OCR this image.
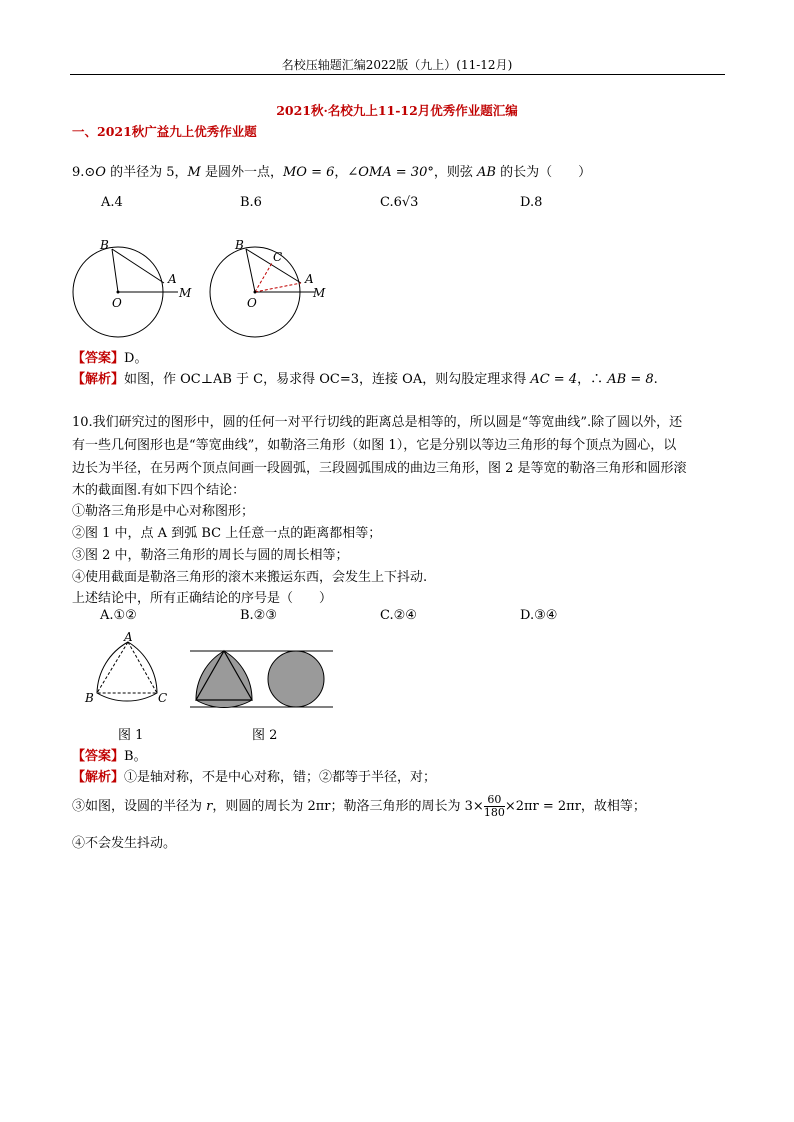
名校压轴题汇编2022版（九上）(11-12月)
2021秋·名校九上11-12月优秀作业题汇编
一、2021秋广益九上优秀作业题
9.⊙O 的半径为 5，M 是圆外一点，MO = 6，∠OMA = 30°，则弦 AB 的长为（　　）
A.4	B.6	C.6√3	D.8
B
A
O
M
B
C
A
O
M
【答案】D。
【解析】如图，作 OC⊥AB 于 C，易求得 OC=3，连接 OA，则勾股定理求得 AC = 4，∴ AB = 8.
10.我们研究过的图形中，圆的任何一对平行切线的距离总是相等的，所以圆是“等宽曲线”.除了圆以外，还
有一些几何图形也是“等宽曲线”，如勒洛三角形（如图 1），它是分别以等边三角形的每个顶点为圆心，以
边长为半径，在另两个顶点间画一段圆弧，三段圆弧围成的曲边三角形，图 2 是等宽的勒洛三角形和圆形滚
木的截面图.有如下四个结论：
①勒洛三角形是中心对称图形；
②图 1 中，点 A 到弧 BC 上任意一点的距离都相等；
③图 2 中，勒洛三角形的周长与圆的周长相等；
④使用截面是勒洛三角形的滚木来搬运东西，会发生上下抖动.
上述结论中，所有正确结论的序号是（　　）
A.①②	B.②③	C.②④	D.③④
A
B	C
图 1	图 2
【答案】B。
【解析】①是轴对称，不是中心对称，错；②都等于半径，对；
③如图，设圆的半径为 r，则圆的周长为 2πr；勒洛三角形的周长为 $3\times \frac{60}{180} \times 2\pi r = 2\pi r$，故相等；
④不会发生抖动。
